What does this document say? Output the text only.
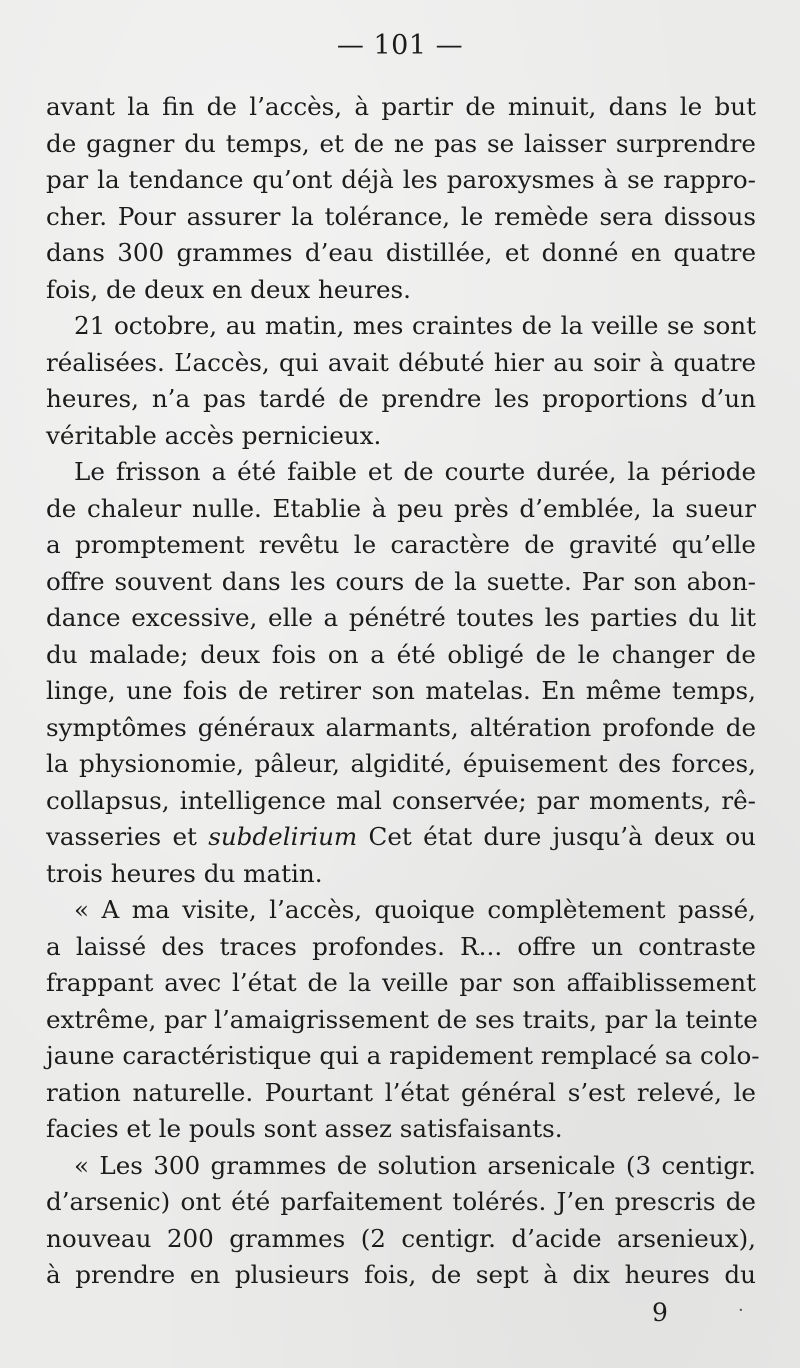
— 101 —

avant la fin de l’accès, à partir de minuit, dans le but
de gagner du temps, et de ne pas se laisser surprendre
par la tendance qu’ont déjà les paroxysmes à se rappro-
cher. Pour assurer la tolérance, le remède sera dissous
dans 300 grammes d’eau distillée, et donné en quatre
fois, de deux en deux heures.

21 octobre, au matin, mes craintes de la veille se sont
réalisées. L’accès, qui avait débuté hier au soir à quatre
heures, n’a pas tardé de prendre les proportions d’un
véritable accès pernicieux.

Le frisson a été faible et de courte durée, la période
de chaleur nulle. Etablie à peu près d’emblée, la sueur
a promptement revêtu le caractère de gravité qu’elle
offre souvent dans les cours de la suette. Par son abon-
dance excessive, elle a pénétré toutes les parties du lit
du malade; deux fois on a été obligé de le changer de
linge, une fois de retirer son matelas. En même temps,
symptômes généraux alarmants, altération profonde de
la physionomie, pâleur, algidité, épuisement des forces,
collapsus, intelligence mal conservée; par moments, rê-
vasseries et subdelirium Cet état dure jusqu’à deux ou
trois heures du matin.

« A ma visite, l’accès, quoique complètement passé,
a laissé des traces profondes. R... offre un contraste
frappant avec l’état de la veille par son affaiblissement
extrême, par l’amaigrissement de ses traits, par la teinte
jaune caractéristique qui a rapidement remplacé sa colo-
ration naturelle. Pourtant l’état général s’est relevé, le
facies et le pouls sont assez satisfaisants.

« Les 300 grammes de solution arsenicale (3 centigr.
d’arsenic) ont été parfaitement tolérés. J’en prescris de
nouveau 200 grammes (2 centigr. d’acide arsenieux),
à prendre en plusieurs fois, de sept à dix heures du

9	·
